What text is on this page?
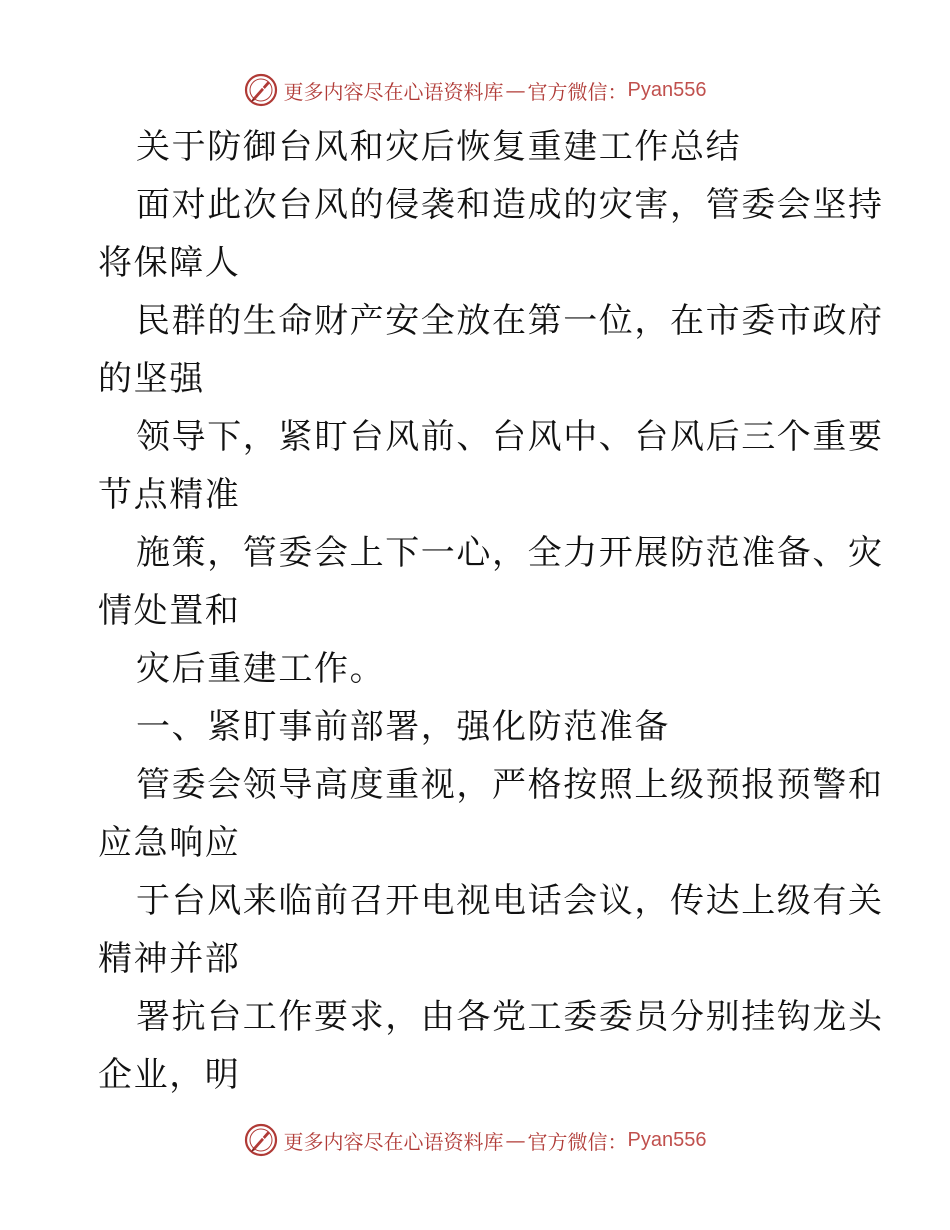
更多内容尽在心语资料库 — 官方微信： Pyan556
关于防御台风和灾后恢复重建工作总结
面对此次台风的侵袭和造成的灾害，管委会坚持
将保障人
民群的生命财产安全放在第一位，在市委市政府
的坚强
领导下，紧盯台风前、台风中、台风后三个重要
节点精准
施策，管委会上下一心，全力开展防范准备、灾
情处置和
灾后重建工作。
一、紧盯事前部署，强化防范准备
管委会领导高度重视，严格按照上级预报预警和
应急响应
于台风来临前召开电视电话会议，传达上级有关
精神并部
署抗台工作要求，由各党工委委员分别挂钩龙头
企业，明
更多内容尽在心语资料库 — 官方微信： Pyan556
